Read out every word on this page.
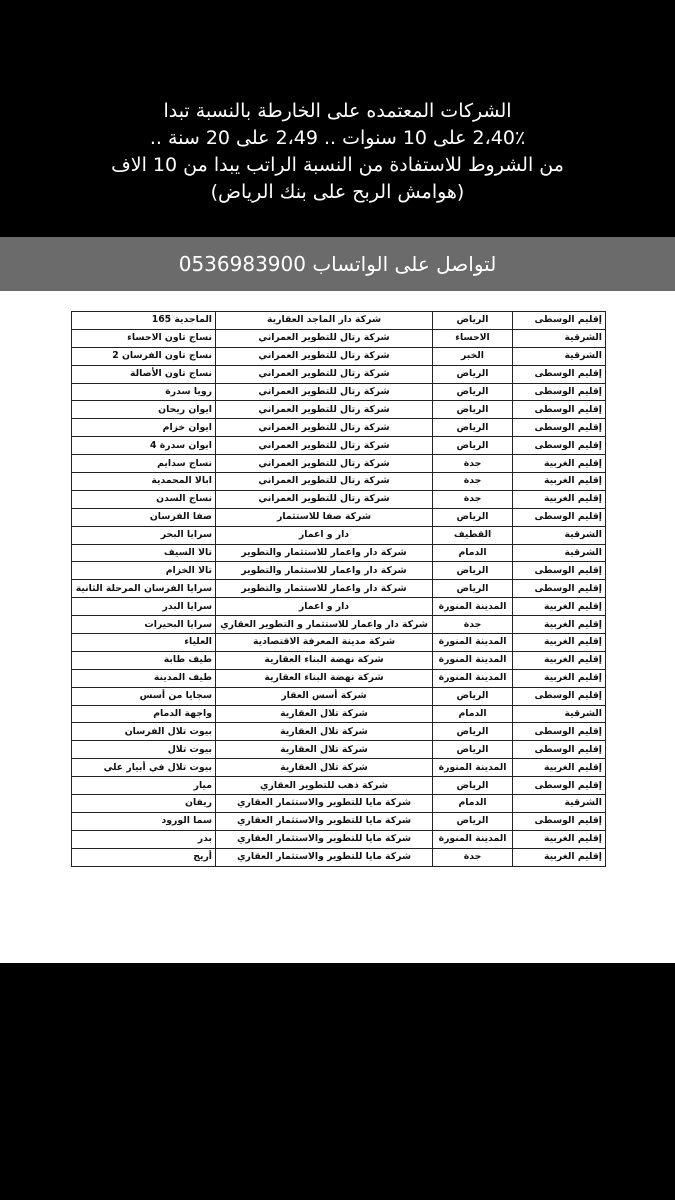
الشركات المعتمده على الخارطة بالنسبة تبدا
2،40٪ على 10 سنوات .. 2،49 على 20 سنة ..
من الشروط للاستفادة من النسبة الراتب يبدا من 10 الاف
(هوامش الربح على بنك الرياض)
لتواصل على الواتساب 0536983900
إقليم الوسطى	الرياض	شركة دار الماجد العقارية	الماجدية 165
الشرقية	الاحساء	شركة رتال للتطوير العمراني	نساج تاون الاحساء
الشرقية	الخبر	شركة رتال للتطوير العمراني	نساج تاون الفرسان 2
إقليم الوسطى	الرياض	شركة رتال للتطوير العمراني	نساج تاون الأصالة
إقليم الوسطى	الرياض	شركة رتال للتطوير العمراني	رويا سدرة
إقليم الوسطى	الرياض	شركة رتال للتطوير العمراني	ايوان ريحان
إقليم الوسطى	الرياض	شركة رتال للتطوير العمراني	ايوان خزام
إقليم الوسطى	الرياض	شركة رتال للتطوير العمراني	ايوان سدرة 4
إقليم الغربية	جدة	شركة رتال للتطوير العمراني	نساج سدايم
إقليم الغربية	جدة	شركة رتال للتطوير العمراني	ابالا المحمدية
إقليم الغربية	جدة	شركة رتال للتطوير العمراني	نساج السدن
إقليم الوسطى	الرياض	شركة صفا للاستثمار	صفا الفرسان
الشرقية	القطيف	دار و اعمار	سرايا البحر
الشرقية	الدمام	شركة دار واعمار للاستثمار والتطوير	تالا السيف
إقليم الوسطى	الرياض	شركة دار واعمار للاستثمار والتطوير	تالا الخزام
إقليم الوسطى	الرياض	شركة دار واعمار للاستثمار والتطوير	سرايا الفرسان المرحلة الثانية
إقليم الغربية	المدينة المنورة	دار و اعمار	سرايا البدر
إقليم الغربية	جدة	شركة دار واعمار للاستثمار و التطوير العقاري	سرايا البحيرات
إقليم الغربية	المدينة المنورة	شركة مدينة المعرفة الاقتصادية	العلياء
إقليم الغربية	المدينة المنورة	شركة نهضة البناء العقارية	طيف طابة
إقليم الغربية	المدينة المنورة	شركة نهضة البناء العقارية	طيف المدينة
إقليم الوسطى	الرياض	شركة أسس العقار	سجايا من أسس
الشرقية	الدمام	شركة تلال العقارية	واجهة الدمام
إقليم الوسطى	الرياض	شركة تلال العقارية	بيوت تلال الفرسان
إقليم الوسطى	الرياض	شركة تلال العقارية	بيوت تلال
إقليم الغربية	المدينة المنورة	شركة تلال العقارية	بيوت تلال في أبيار علي
إقليم الوسطى	الرياض	شركة ذهب للتطوير العقاري	ميار
الشرقية	الدمام	شركة مايا للتطوير والاستثمار العقاري	ريفان
إقليم الوسطى	الرياض	شركة مايا للتطوير والاستثمار العقاري	سما الورود
إقليم الغربية	المدينة المنورة	شركة مايا للتطوير والاستثمار العقاري	بدر
إقليم الغربية	جدة	شركة مايا للتطوير والاستثمار العقاري	أريج
